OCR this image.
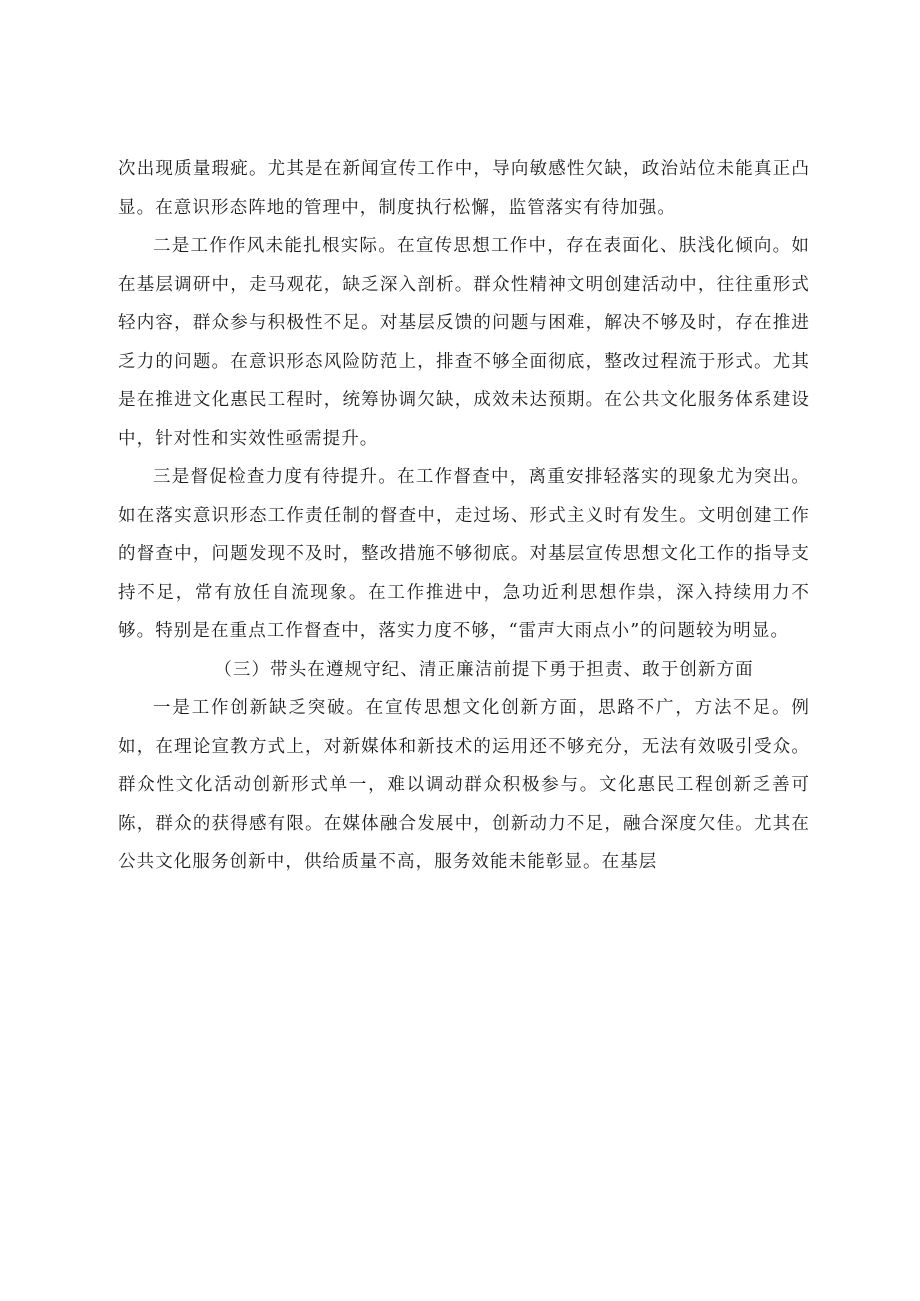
次出现质量瑕疵。尤其是在新闻宣传工作中，导向敏感性欠缺，政治站位未能真正凸显。在意识形态阵地的管理中，制度执行松懈，监管落实有待加强。

二是工作作风未能扎根实际。在宣传思想工作中，存在表面化、肤浅化倾向。如在基层调研中，走马观花，缺乏深入剖析。群众性精神文明创建活动中，往往重形式轻内容，群众参与积极性不足。对基层反馈的问题与困难，解决不够及时，存在推进乏力的问题。在意识形态风险防范上，排查不够全面彻底，整改过程流于形式。尤其是在推进文化惠民工程时，统筹协调欠缺，成效未达预期。在公共文化服务体系建设中，针对性和实效性亟需提升。

三是督促检查力度有待提升。在工作督查中，离重安排轻落实的现象尤为突出。如在落实意识形态工作责任制的督查中，走过场、形式主义时有发生。文明创建工作的督查中，问题发现不及时，整改措施不够彻底。对基层宣传思想文化工作的指导支持不足，常有放任自流现象。在工作推进中，急功近利思想作祟，深入持续用力不够。特别是在重点工作督查中，落实力度不够，“雷声大雨点小”的问题较为明显。

（三）带头在遵规守纪、清正廉洁前提下勇于担责、敢于创新方面

一是工作创新缺乏突破。在宣传思想文化创新方面，思路不广，方法不足。例如，在理论宣教方式上，对新媒体和新技术的运用还不够充分，无法有效吸引受众。群众性文化活动创新形式单一，难以调动群众积极参与。文化惠民工程创新乏善可陈，群众的获得感有限。在媒体融合发展中，创新动力不足，融合深度欠佳。尤其在公共文化服务创新中，供给质量不高，服务效能未能彰显。在基层
